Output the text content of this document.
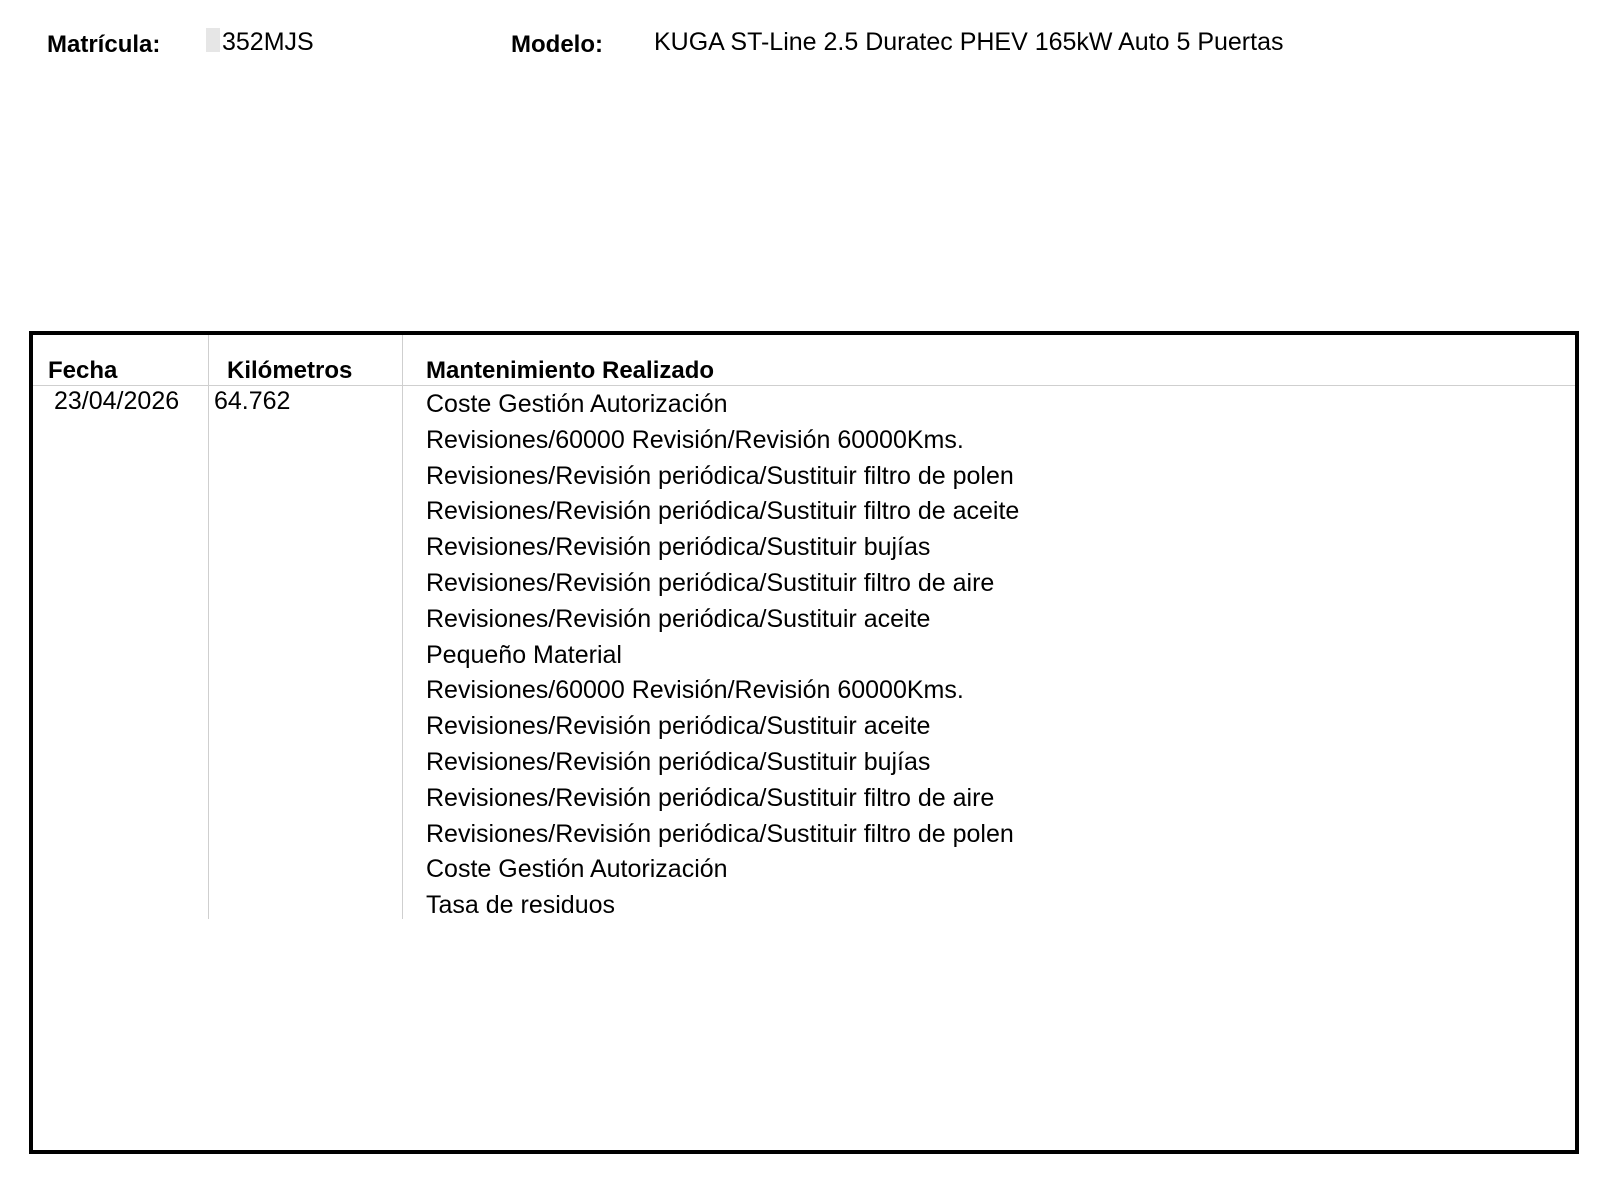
Matrícula:	352MJS	Modelo: KUGA ST-Line 2.5 Duratec PHEV 165kW Auto 5 Puertas
Fecha	Kilómetros	Mantenimiento Realizado
23/04/2026 64.762	Coste Gestión Autorización
Revisiones/60000 Revisión/Revisión 60000Kms.
Revisiones/Revisión periódica/Sustituir filtro de polen
Revisiones/Revisión periódica/Sustituir filtro de aceite
Revisiones/Revisión periódica/Sustituir bujías
Revisiones/Revisión periódica/Sustituir filtro de aire
Revisiones/Revisión periódica/Sustituir aceite
Pequeño Material
Revisiones/60000 Revisión/Revisión 60000Kms.
Revisiones/Revisión periódica/Sustituir aceite
Revisiones/Revisión periódica/Sustituir bujías
Revisiones/Revisión periódica/Sustituir filtro de aire
Revisiones/Revisión periódica/Sustituir filtro de polen
Coste Gestión Autorización
Tasa de residuos
